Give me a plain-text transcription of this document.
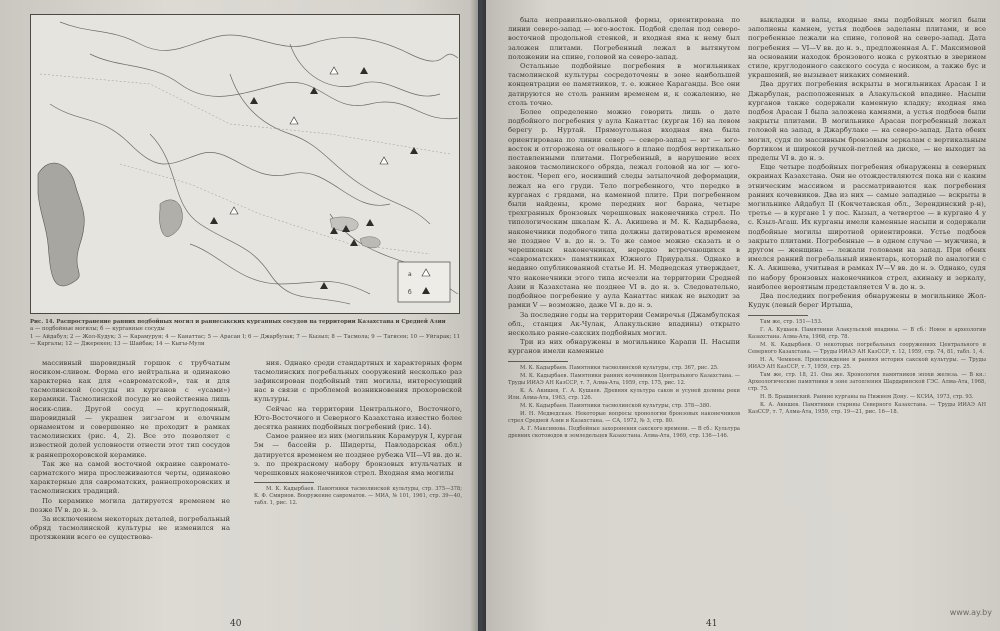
а
б
Рис. 14. Распространение ранних подбойных могил и раннесакских курганных сосудов на территории Казахстана и Средней Азии
а — подбойные могилы; б — курганные сосуды
1 — Айдабул; 2 — Жол-Кудук; 3 — Карамурун; 4 — Канаттас; 5 — Арасан I; 6 — Джарбулак; 7 — Кызыл; 8 — Тасмола; 9 — Тагисен; 10 — Уйгарак; 11 — Каргалы; 12 — Джерекен; 13 — Шайбак; 14 — Кыгы-Мули

массивный шаровидный горшок с трубчатым носиком-сливом. Форма его нейтральна и одинаково характерна как для «савроматской», так и для тасмолинской (сосуды из курганов с «усами») керамики. Тасмолинской посуде не свойственна лишь носик-слив. Другой сосуд — круглодонный, шаровидный — украшен зигзагом и елочным орнаментом и совершенно не проходит в рамках тасмолинских (рис. 4, 2). Все это позволяет с известной долей условности отнести этот тип сосудов к раннепрохоровской керамике.

Так же на самой восточной окраине савромато-сарматского мира прослеживаются черты, одинаково характерные для савроматских, раннепрохоровских и тасмолинских традиций.

По керамике могила датируется временем не позже IV в. до н. э.

За исключением некоторых деталей, погребальный обряд тасмолинской культуры не изменился на протяжении всего ее существова-

ния. Однако среди стандартных и характерных форм тасмолинских погребальных сооружений несколько раз зафиксирован подбойный тип могилы, интересующий нас в связи с проблемой возникновения прохоровской культуры.

Сейчас на территории Центрального, Восточного, Юго-Восточного и Северного Казахстана известно более десятка ранних подбойных погребений (рис. 14).

Самое раннее из них (могильник Карамурун I, курган 5м — бассейн р. Шидерты, Павлодарская обл.) датируется временем не позднее рубежа VII—VI вв. до н. э. по прекрасному набору бронзовых втульчатых и черешковых наконечников стрел. Входная яма могилы

М. К. Кадырбаев. Памятники тасмолинской культуры, стр. 375—378; К. Ф. Смирнов. Вооружение савроматов. — МИА, № 101, 1961, стр. 39—40, табл. 1, рис. 12.

40

была неправильно-овальной формы, ориентирована по линии северо-запад — юго-восток. Подбой сделан под северо-восточной продольной стенкой, и входная яма к нему был заложен плитами. Погребенный лежал в вытянутом положении на спине, головой на северо-запад.

Остальные подбойные погребения в могильниках тасмолинской культуры сосредоточены в зоне наибольшей концентрации ее памятников, т. е. южнее Караганды. Все они датируются не столь ранним временем и, к сожалению, не столь точно.

Более определенно можно говорить лишь о дате подбойного погребения у аула Канаттас (курган 16) на левом берегу р. Нуртай. Прямоугольная входная яма была ориентирована по линии север — северо-запад — юг — юго-восток и отгорожена от овального в плане подбоя вертикально поставленными плитами. Погребенный, в нарушение всех законов тасмолинского обряда, лежал головой на юг — юго-восток. Череп его, носивший следы затылочной деформации, лежал на его груди. Тело погребенного, что передко в курганах с грядами, на каменной плите. При погребенном были найдены, кроме передних ног барана, четыре трехгранных бронзовых черешковых наконечника стрел. По типологическим шкалам К. А. Акишева и М. К. Кадырбаева, наконечники подобного типа должны датироваться временем не позднее V в. до н. э. То же самое можно сказать и о черешковых наконечниках, нередко встречающихся в «савроматских» памятниках Южного Приуралья. Однако в недавно опубликованной статье И. Н. Медведская утверждает, что наконечники этого типа исчезли на территории Средней Азии и Казахстана не позднее VI в. до н. э. Следовательно, подбойное погребение у аула Канаттас никак не выходит за рамки V — возможно, даже VI в. до н. э.

За последние годы на территории Семиречья (Джамбулская обл., станция Ак-Чулак, Алакульские впадины) открыто несколько ранне-сакских подбойных могил.

Три из них обнаружены в могильнике Карапи II. Насыпи курганов имели каменные

М. К. Кадырбаев. Памятники тасмолинской культуры, стр. 367, рис. 25.

М. К. Кадырбаев. Памятники ранних кочевников Центрального Казахстана. — Труды ИИАЭ АН КазССР, т. 7, Алма-Ата, 1959, стр. 175, рис. 12.

К. А. Акишев, Г. А. Кушаев. Древняя культура саков и усуней долины реки Или. Алма-Ата, 1963, стр. 126.

М. К. Кадырбаев. Памятники тасмолинской культуры, стр. 378—380.

И. Н. Медведская. Некоторые вопросы хронологии бронзовых наконечников стрел Средней Азии и Казахстана. — СА, 1972, № 3, стр. 80.

А. Г. Максимова. Подбойные захоронения сакского времени. — В сб.: Культура древних скотоводов и земледельцев Казахстана. Алма-Ата, 1969, стр. 136—146.

выкладки и валы, входные ямы подбойных могил были заполнены камнем, устья подбоев заделаны плитами, и все погребенные лежали на спине, головой на северо-запад. Дата погребения — VI—V вв. до н. э., предложенная А. Г. Максимовой на основании находок бронзового ножа с рукоятью в зверином стиле, круглодонного сакского сосуда с носиком, а также бус и украшений, не вызывает никаких сомнений.

Два других погребения вскрыты в могильниках Арасан I и Джарбулак, расположенных в Алакульской впадине. Насыпи курганов также содержали каменную кладку; входная яма подбоя Арасан I была заложена камнями, а устья подбоев были закрыты плитами. В могильнике Арасан погребенный лежал головой на запад, в Джарбулаке — на северо-запад. Дата обеих могил, судя по массивным бронзовым зеркалам с вертикальным бортиком и широкой ручкой-петлей на диске, — не выходит за пределы VI в. до н. э.

Еще четыре подбойных погребения обнаружены в северных окраинах Казахстана. Они не отождествляются пока ни с каким этническим массивом и рассматриваются как погребения ранних кочевников. Два из них — самые западные — вскрыты в могильнике Айдабул II (Кокчетавская обл., Зерендинский р-н), третье — в кургане 1 у пос. Кызыл, а четвертое — в кургане 4 у с. Кзыл-Агаш. Их курганы имели каменные насыпи и содержали подбойные могилы широтной ориентировки. Устье подбоев закрыто плитами. Погребенные — в одном случае — мужчина, в другом — женщина — лежали головами на запад. При обеих имелся ранний погребальный инвентарь, который по аналогии с К. А. Акишева, учитывая в рамках IV—V вв. до н. э. Однако, судя по набору бронзовых наконечников стрел, акинаку и зеркалу, наиболее вероятным представляется V в. до н. э.

Два последних погребения обнаружены в могильнике Жол-Кудук (левый берег Иртыша,

Там же, стр. 151—153.

Г. А. Кушаев. Памятники Алакульской впадины. — В сб.: Новое в археологии Казахстана. Алма-Ата, 1968, стр. 78.

М. К. Кадырбаев. О некоторых погребальных сооружениях Центрального и Северного Казахстана. — Труды ИИАЭ АН КазССР, т. 12, 1959, стр. 74, 81, табл. 1, 4.

Н. А. Чемкоев. Происхождение и ранняя история сакской культуры. — Труды ИИАЭ АН КазССР, т. 7, 1959, стр. 25.

Там же, стр. 18, 21. Она же. Хронология памятников эпохи железа. — В кн.: Археологические памятники в зоне затопления Шардаринской ГЭС. Алма-Ата, 1968, стр. 75.

Н. В. Брашинский. Ранние курганы на Нижнем Дону. — КСИА, 1973, стр. 93.

К. А. Акишев. Памятники старины Северного Казахстана. — Труды ИИАЭ АН КазССР, т. 7, Алма-Ата, 1959, стр. 19—21, рис. 16—18.

41
www.ay.by
